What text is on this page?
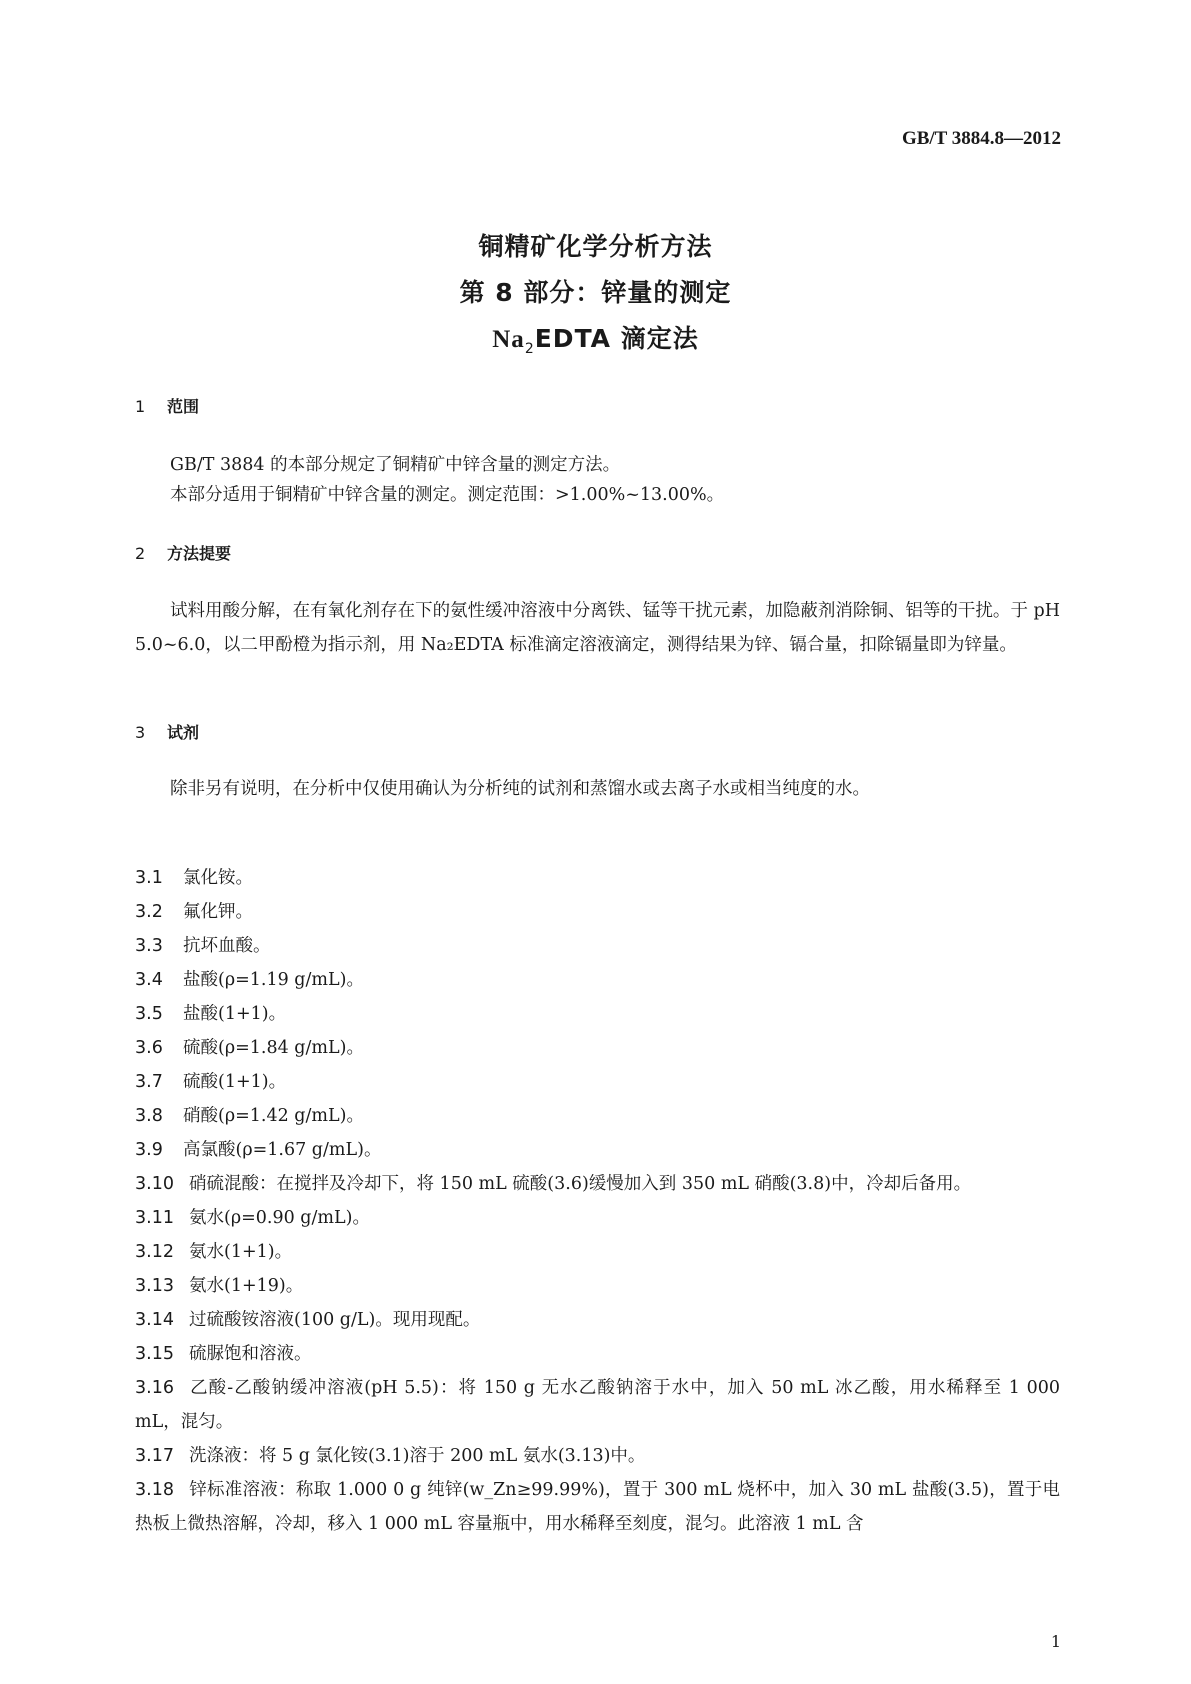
GB/T 3884.8—2012
铜精矿化学分析方法
第 8 部分：锌量的测定
$Na_2EDTA$ 滴定法
1 范围
GB/T 3884 的本部分规定了铜精矿中锌含量的测定方法。
本部分适用于铜精矿中锌含量的测定。测定范围：>1.00%~13.00%。
2 方法提要
试料用酸分解，在有氧化剂存在下的氨性缓冲溶液中分离铁、锰等干扰元素，加隐蔽剂消除铜、铝等的干扰。于 pH 5.0~6.0，以二甲酚橙为指示剂，用 Na₂EDTA 标准滴定溶液滴定，测得结果为锌、镉合量，扣除镉量即为锌量。
3 试剂
除非另有说明，在分析中仅使用确认为分析纯的试剂和蒸馏水或去离子水或相当纯度的水。
3.1 氯化铵。
3.2 氟化钾。
3.3 抗坏血酸。
3.4 盐酸(ρ=1.19 g/mL)。
3.5 盐酸(1+1)。
3.6 硫酸(ρ=1.84 g/mL)。
3.7 硫酸(1+1)。
3.8 硝酸(ρ=1.42 g/mL)。
3.9 高氯酸(ρ=1.67 g/mL)。
3.10 硝硫混酸：在搅拌及冷却下，将 150 mL 硫酸(3.6)缓慢加入到 350 mL 硝酸(3.8)中，冷却后备用。
3.11 氨水(ρ=0.90 g/mL)。
3.12 氨水(1+1)。
3.13 氨水(1+19)。
3.14 过硫酸铵溶液(100 g/L)。现用现配。
3.15 硫脲饱和溶液。
3.16 乙酸-乙酸钠缓冲溶液(pH 5.5)：将 150 g 无水乙酸钠溶于水中，加入 50 mL 冰乙酸，用水稀释至 1 000 mL，混匀。
3.17 洗涤液：将 5 g 氯化铵(3.1)溶于 200 mL 氨水(3.13)中。
3.18 锌标准溶液：称取 1.000 0 g 纯锌(w_Zn≥99.99%)，置于 300 mL 烧杯中，加入 30 mL 盐酸(3.5)，置于电热板上微热溶解，冷却，移入 1 000 mL 容量瓶中，用水稀释至刻度，混匀。此溶液 1 mL 含
1
